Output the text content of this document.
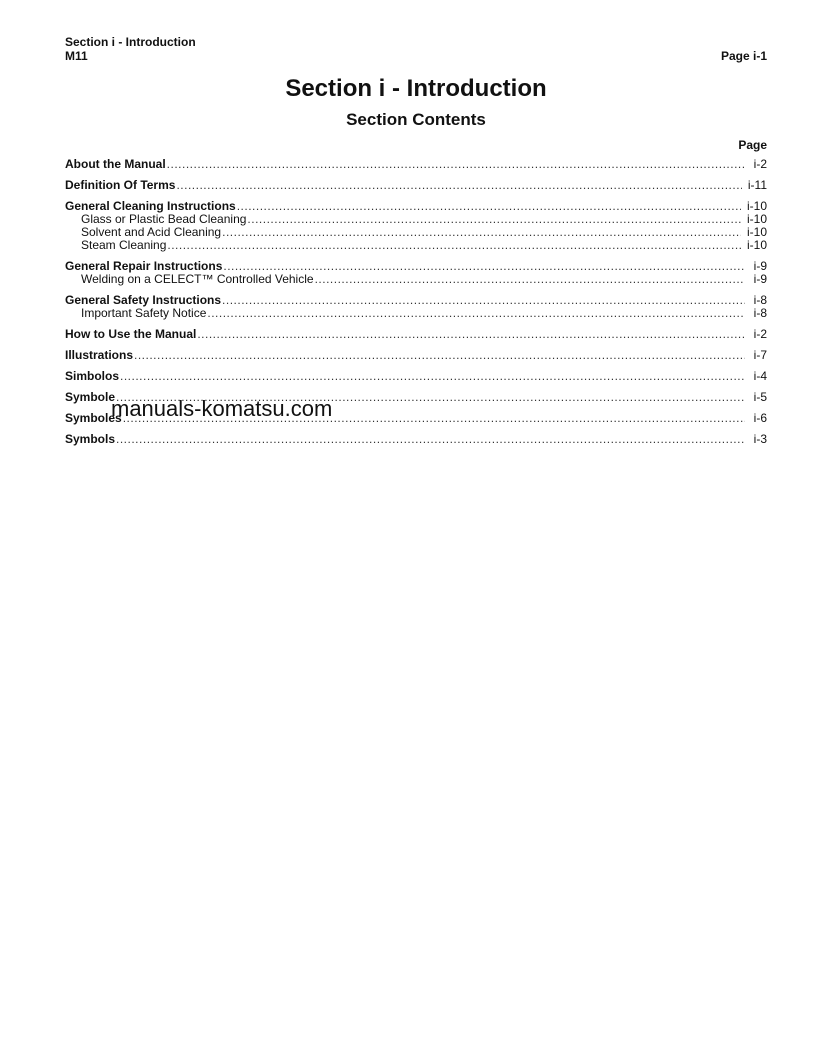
Section i - Introduction
M11	Page i-1
Section i - Introduction
Section Contents
Page
About the Manual .....	i-2
Definition Of Terms .....	i-11
General Cleaning Instructions .....	i-10
Glass or Plastic Bead Cleaning .....	i-10
Solvent and Acid Cleaning .....	i-10
Steam Cleaning .....	i-10
General Repair Instructions .....	i-9
Welding on a CELECT™ Controlled Vehicle .....	i-9
General Safety Instructions .....	i-8
Important Safety Notice .....	i-8
How to Use the Manual .....	i-2
Illustrations .....	i-7
Simbolos .....	i-4
Symbole .....	i-5
Symboles .....	i-6
Symbols .....	i-3
manuals-komatsu.com
